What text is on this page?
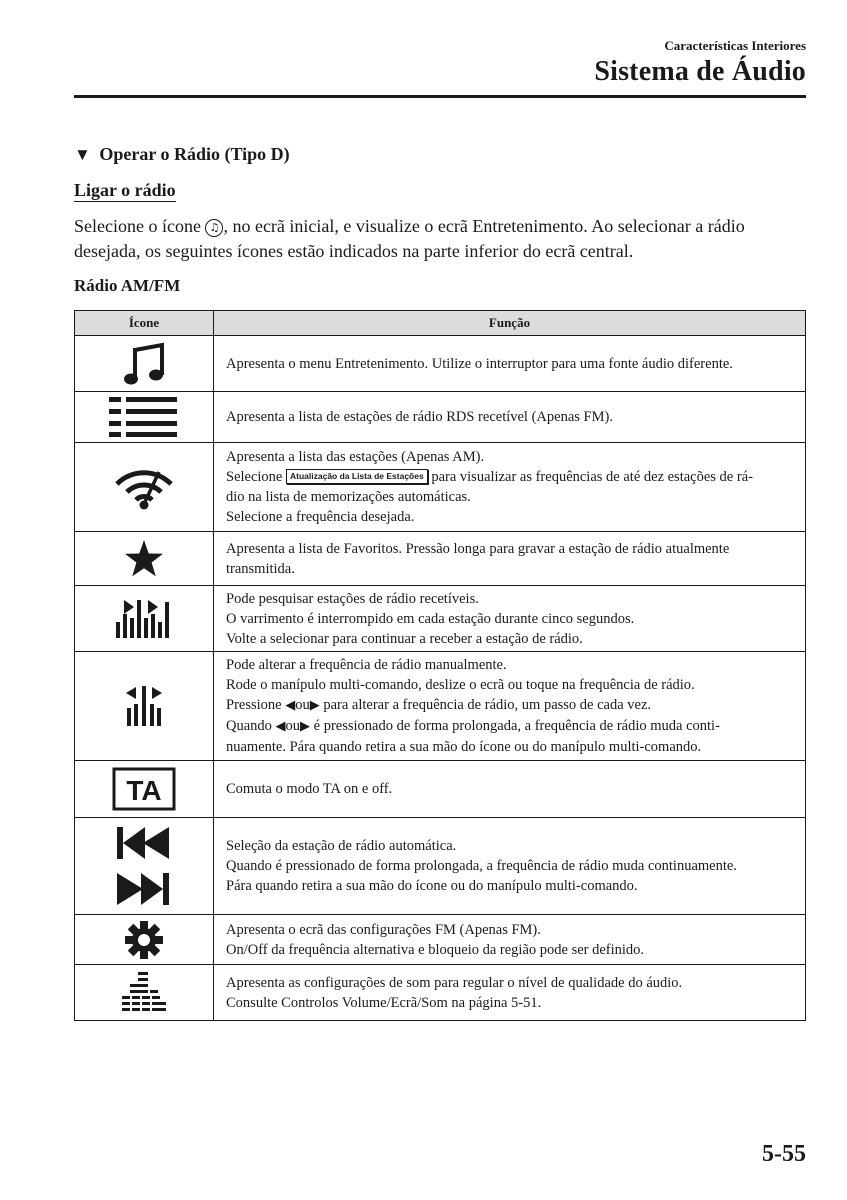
Características Interiores
Sistema de Áudio
▼ Operar o Rádio (Tipo D)
Ligar o rádio
Selecione o ícone ♫ , no ecrã inicial, e visualize o ecrã Entretenimento. Ao selecionar a rádio desejada, os seguintes ícones estão indicados na parte inferior do ecrã central.
Rádio AM/FM
Ícone	Função

Apresenta o menu Entretenimento. Utilize o interruptor para uma fonte áudio diferente.

Apresenta a lista de estações de rádio RDS recetível (Apenas FM).

Apresenta a lista das estações (Apenas AM).
Selecione Atualização da Lista de Estações para visualizar as frequências de até dez estações de rá-
dio na lista de memorizações automáticas.
Selecione a frequência desejada.

Apresenta a lista de Favoritos. Pressão longa para gravar a estação de rádio atualmente
transmitida.

Pode pesquisar estações de rádio recetíveis.
O varrimento é interrompido em cada estação durante cinco segundos.
Volte a selecionar para continuar a receber a estação de rádio.

Pode alterar a frequência de rádio manualmente.
Rode o manípulo multi-comando, deslize o ecrã ou toque na frequência de rádio.
Pressione ◀ou▶ para alterar a frequência de rádio, um passo de cada vez.
Quando ◀ou▶ é pressionado de forma prolongada, a frequência de rádio muda conti-
nuamente. Pára quando retira a sua mão do ícone ou do manípulo multi-comando.

TA	Comuta o modo TA on e off.

Seleção da estação de rádio automática.
Quando é pressionado de forma prolongada, a frequência de rádio muda continuamente.
Pára quando retira a sua mão do ícone ou do manípulo multi-comando.

Apresenta o ecrã das configurações FM (Apenas FM).
On/Off da frequência alternativa e bloqueio da região pode ser definido.

Apresenta as configurações de som para regular o nível de qualidade do áudio.
Consulte Controlos Volume/Ecrã/Som na página 5-51.
5-55
